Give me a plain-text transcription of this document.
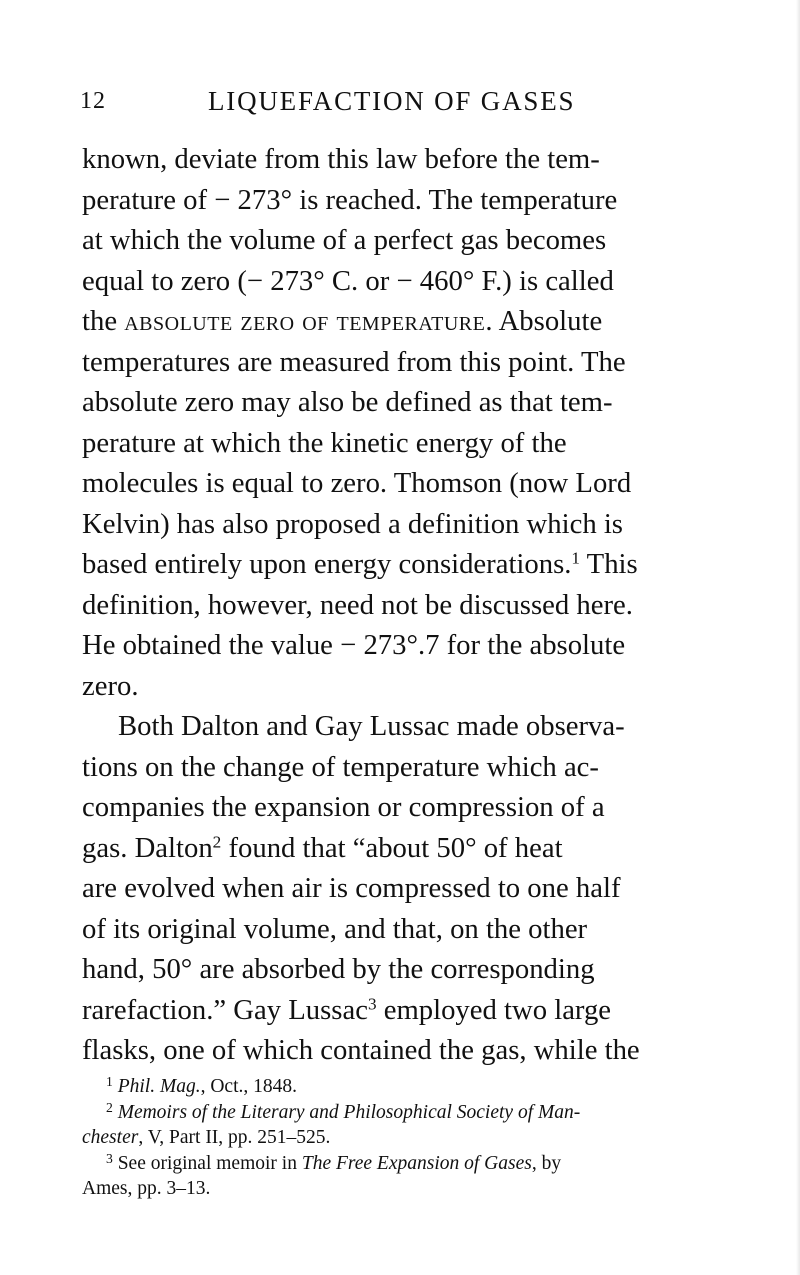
12	LIQUEFACTION OF GASES
known, deviate from this law before the tem-
perature of − 273° is reached. The temperature
at which the volume of a perfect gas becomes
equal to zero (− 273° C. or − 460° F.) is called
the absolute zero of temperature. Absolute
temperatures are measured from this point. The
absolute zero may also be defined as that tem-
perature at which the kinetic energy of the
molecules is equal to zero. Thomson (now Lord
Kelvin) has also proposed a definition which is
based entirely upon energy considerations.$^1$ This
definition, however, need not be discussed here.
He obtained the value − 273°.7 for the absolute
zero.
Both Dalton and Gay Lussac made observa-
tions on the change of temperature which ac-
companies the expansion or compression of a
gas. Dalton$^2$ found that “about 50° of heat
are evolved when air is compressed to one half
of its original volume, and that, on the other
hand, 50° are absorbed by the corresponding
rarefaction.” Gay Lussac$^3$ employed two large
flasks, one of which contained the gas, while the
$^1$ Phil. Mag., Oct., 1848.
$^2$ Memoirs of the Literary and Philosophical Society of Man-
chester, V, Part II, pp. 251–525.
$^3$ See original memoir in The Free Expansion of Gases, by
Ames, pp. 3–13.
